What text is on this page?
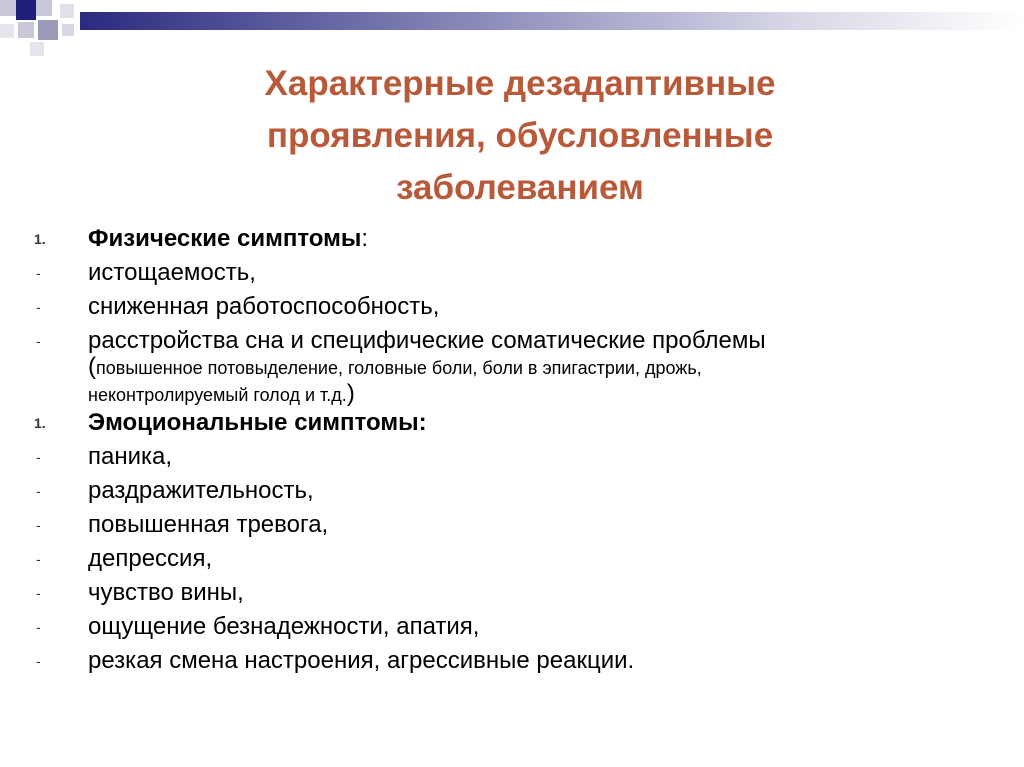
Характерные дезадаптивные
проявления, обусловленные
заболеванием
1.	Физические симптомы:
-	истощаемость,
-	сниженная работоспособность,
-	расстройства сна и специфические соматические проблемы
(повышенное потовыделение, головные боли, боли в эпигастрии, дрожь,
неконтролируемый голод и т.д.)
1.	Эмоциональные симптомы:
-	паника,
-	раздражительность,
-	повышенная тревога,
-	депрессия,
-	чувство вины,
-	ощущение безнадежности, апатия,
-	резкая смена настроения, агрессивные реакции.
